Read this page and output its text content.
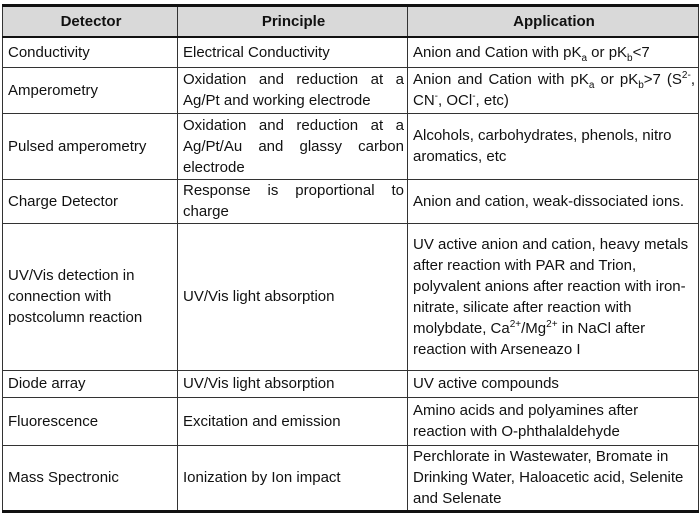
Detector	Principle	Application
Conductivity	Electrical Conductivity	Anion and Cation with $pK_a$ or $pK_b<7$
Amperometry	Oxidation and reduction at a Ag/Pt and working electrode	Anion and Cation with $pK_a$ or $pK_b>7$ ($S^{2-}$, CN-, OCl-, etc)
Pulsed amperometry	Oxidation and reduction at a Ag/Pt/Au and glassy carbon electrode	Alcohols, carbohydrates, phenols, nitro aromatics, etc
Charge Detector	Response is proportional to charge	Anion and cation, weak-dissociated ions.
UV/Vis detection in connection with postcolumn reaction	UV/Vis light absorption	UV active anion and cation, heavy metals after reaction with PAR and Trion, polyvalent anions after reaction with iron-nitrate, silicate after reaction with molybdate, $Ca^{2+}/Mg^{2+}$ in NaCl after reaction with Arseneazo I
Diode array	UV/Vis light absorption	UV active compounds
Fluorescence	Excitation and emission	Amino acids and polyamines after reaction with O-phthalaldehyde
Mass Spectronic	Ionization by Ion impact	Perchlorate in Wastewater, Bromate in Drinking Water, Haloacetic acid, Selenite and Selenate
